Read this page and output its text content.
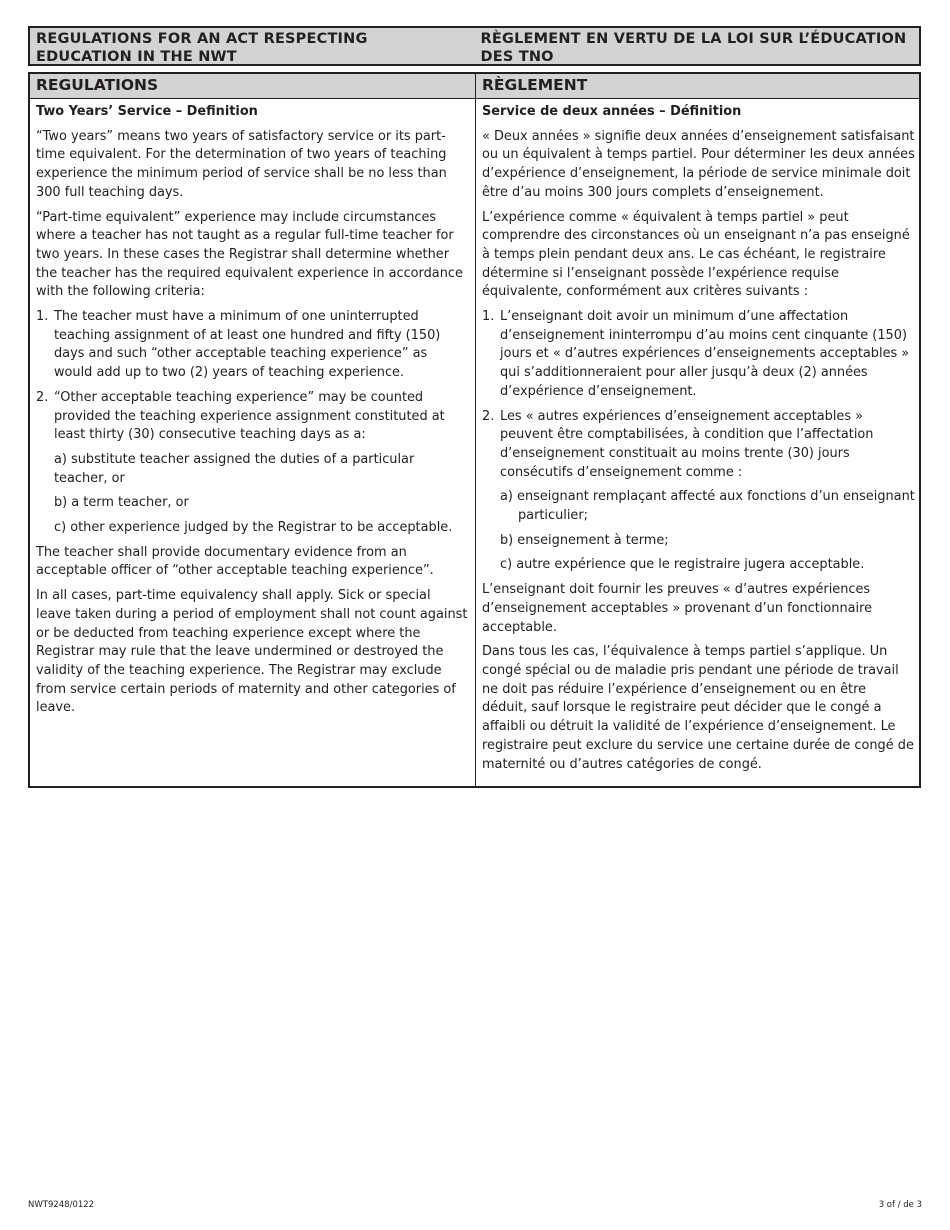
REGULATIONS FOR AN ACT RESPECTING EDUCATION IN THE NWT
RÈGLEMENT EN VERTU DE LA LOI SUR L’ÉDUCATION DES TNO
REGULATIONS	RÈGLEMENT
Two Years’ Service – Definition
“Two years” means two years of satisfactory service or its part-time equivalent. For the determination of two years of teaching experience the minimum period of service shall be no less than 300 full teaching days.
“Part-time equivalent” experience may include circumstances where a teacher has not taught as a regular full-time teacher for two years. In these cases the Registrar shall determine whether the teacher has the required equivalent experience in accordance with the following criteria:
1. The teacher must have a minimum of one uninterrupted teaching assignment of at least one hundred and fifty (150) days and such “other acceptable teaching experience” as would add up to two (2) years of teaching experience.
2. “Other acceptable teaching experience” may be counted provided the teaching experience assignment constituted at least thirty (30) consecutive teaching days as a:
a) substitute teacher assigned the duties of a particular teacher, or
b) a term teacher, or
c) other experience judged by the Registrar to be acceptable.
The teacher shall provide documentary evidence from an acceptable officer of “other acceptable teaching experience”.
In all cases, part-time equivalency shall apply. Sick or special leave taken during a period of employment shall not count against or be deducted from teaching experience except where the Registrar may rule that the leave undermined or destroyed the validity of the teaching experience. The Registrar may exclude from service certain periods of maternity and other categories of leave.
Service de deux années – Définition
« Deux années » signifie deux années d’enseignement satisfaisant ou un équivalent à temps partiel. Pour déterminer les deux années d’expérience d’enseignement, la période de service minimale doit être d’au moins 300 jours complets d’enseignement.
L’expérience comme « équivalent à temps partiel » peut comprendre des circonstances où un enseignant n’a pas enseigné à temps plein pendant deux ans. Le cas échéant, le registraire détermine si l’enseignant possède l’expérience requise équivalente, conformément aux critères suivants :
1. L’enseignant doit avoir un minimum d’une affectation d’enseignement ininterrompu d’au moins cent cinquante (150) jours et « d’autres expériences d’enseignements acceptables » qui s’additionneraient pour aller jusqu’à deux (2) années d’expérience d’enseignement.
2. Les « autres expériences d’enseignement acceptables » peuvent être comptabilisées, à condition que l’affectation d’enseignement constituait au moins trente (30) jours consécutifs d’enseignement comme :
a) enseignant remplaçant affecté aux fonctions d’un enseignant particulier;
b) enseignement à terme;
c) autre expérience que le registraire jugera acceptable.
L’enseignant doit fournir les preuves « d’autres expériences d’enseignement acceptables » provenant d’un fonctionnaire acceptable.
Dans tous les cas, l’équivalence à temps partiel s’applique. Un congé spécial ou de maladie pris pendant une période de travail ne doit pas réduire l’expérience d’enseignement ou en être déduit, sauf lorsque le registraire peut décider que le congé a affaibli ou détruit la validité de l’expérience d’enseignement. Le registraire peut exclure du service une certaine durée de congé de maternité ou d’autres catégories de congé.
NWT9248/0122	3 of / de 3
